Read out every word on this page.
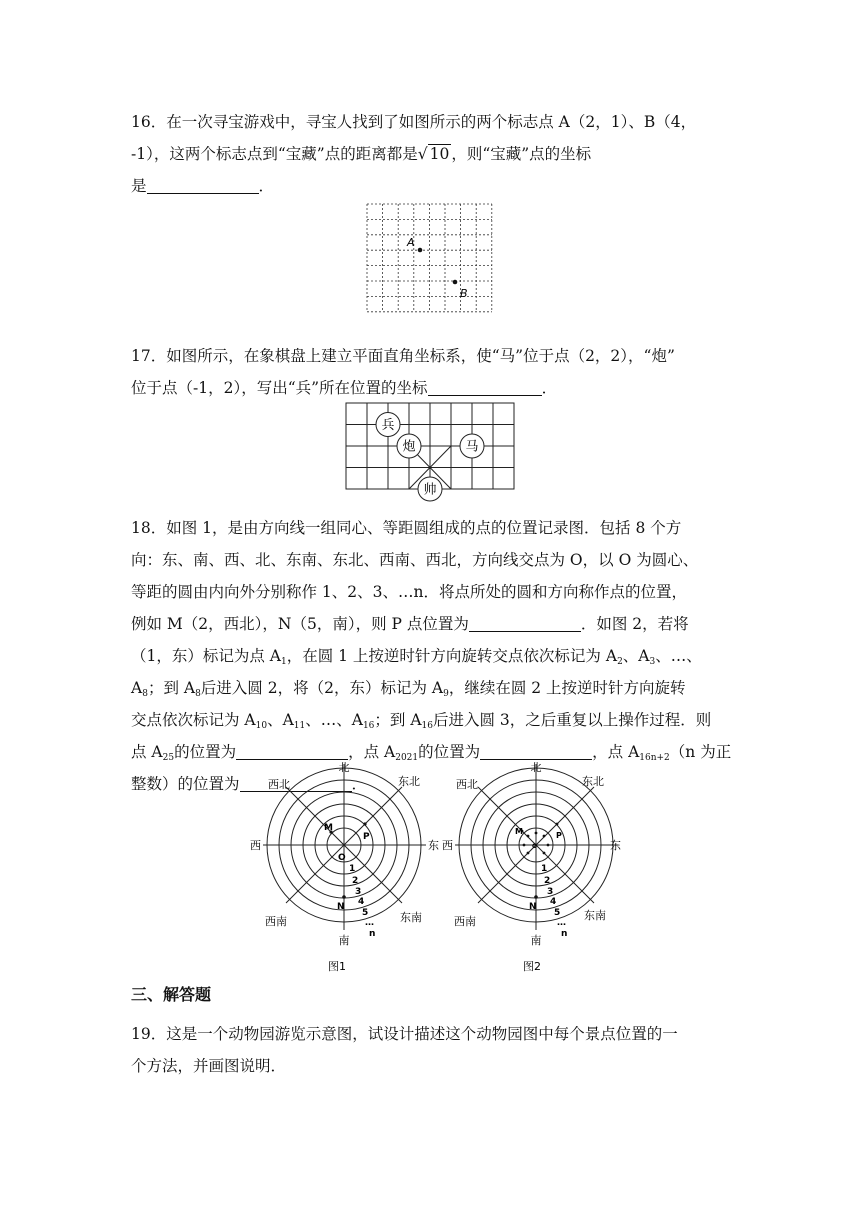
16．在一次寻宝游戏中，寻宝人找到了如图所示的两个标志点 A（2，1）、B（4，
-1），这两个标志点到“宝藏”点的距离都是√ 10 ，则“宝藏”点的坐标
是	．
A
B
17．如图所示，在象棋盘上建立平面直角坐标系，使“马”位于点（2，2），“炮”
位于点（-1，2），写出“兵”所在位置的坐标	．
兵
炮	马
帅
18．如图 1，是由方向线一组同心、等距圆组成的点的位置记录图．包括 8 个方
向：东、南、西、北、东南、东北、西南、西北，方向线交点为 O，以 O 为圆心、
等距的圆由内向外分别称作 1、2、3、…n．将点所处的圆和方向称作点的位置，
例如 M（2，西北），N（5，南），则 P 点位置为	．如图 2，若将
（1，东）标记为点 $A_1$，在圆 1 上按逆时针方向旋转交点依次标记为 $A_2$、$A_3$、…、
$A_8$；到 $A_8$后进入圆 2，将（2，东）标记为 $A_9$，继续在圆 2 上按逆时针方向旋转
交点依次标记为 $A_{10}$、$A_{11}$、…、$A_{16}$；到 $A_{16}$后进入圆 3，之后重复以上操作过程．则
点 $A_{25}$的位置为	，点 $A_{2021}$的位置为	，点 $A_{16n+2}(n$ 为正
整数）的位置为	．
北
南
西	东
西北	东北
西南	东南
O
M
P
N
1
2
3
4
5
…
n
图1
北
南
西	东
西北	东北
西南	东南
M	P
O
N
1
2
3
4
5
…
n
图2
三、解答题
19．这是一个动物园游览示意图，试设计描述这个动物园图中每个景点位置的一
个方法，并画图说明．
